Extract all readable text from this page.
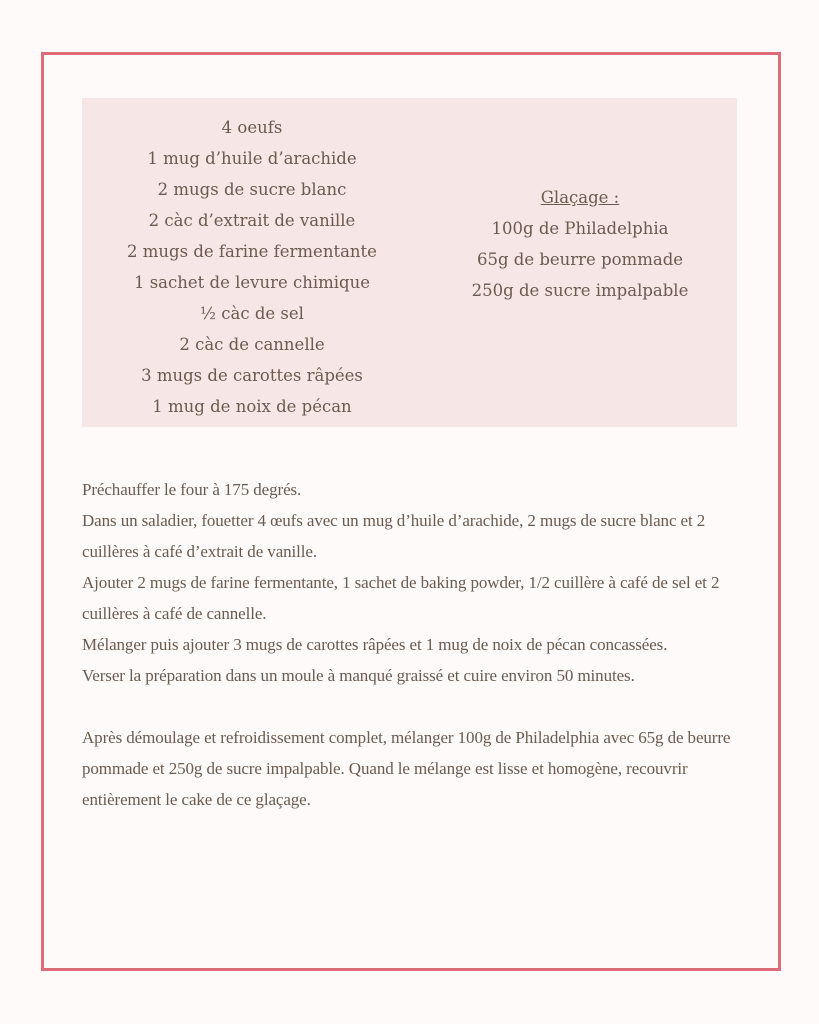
4 oeufs
1 mug d’huile d’arachide
2 mugs de sucre blanc
2 càc d’extrait de vanille
2 mugs de farine fermentante
1 sachet de levure chimique
½ càc de sel
2 càc de cannelle
3 mugs de carottes râpées
1 mug de noix de pécan
Glaçage :
100g de Philadelphia
65g de beurre pommade
250g de sucre impalpable

Préchauffer le four à 175 degrés.

Dans un saladier, fouetter 4 œufs avec un mug d’huile d’arachide, 2 mugs de sucre blanc et 2 cuillères à café d’extrait de vanille.

Ajouter 2 mugs de farine fermentante, 1 sachet de baking powder, 1/2 cuillère à café de sel et 2 cuillères à café de cannelle.

Mélanger puis ajouter 3 mugs de carottes râpées et 1 mug de noix de pécan concassées.

Verser la préparation dans un moule à manqué graissé et cuire environ 50 minutes.

Après démoulage et refroidissement complet, mélanger 100g de Philadelphia avec 65g de beurre pommade et 250g de sucre impalpable. Quand le mélange est lisse et homogène, recouvrir entièrement le cake de ce glaçage.
